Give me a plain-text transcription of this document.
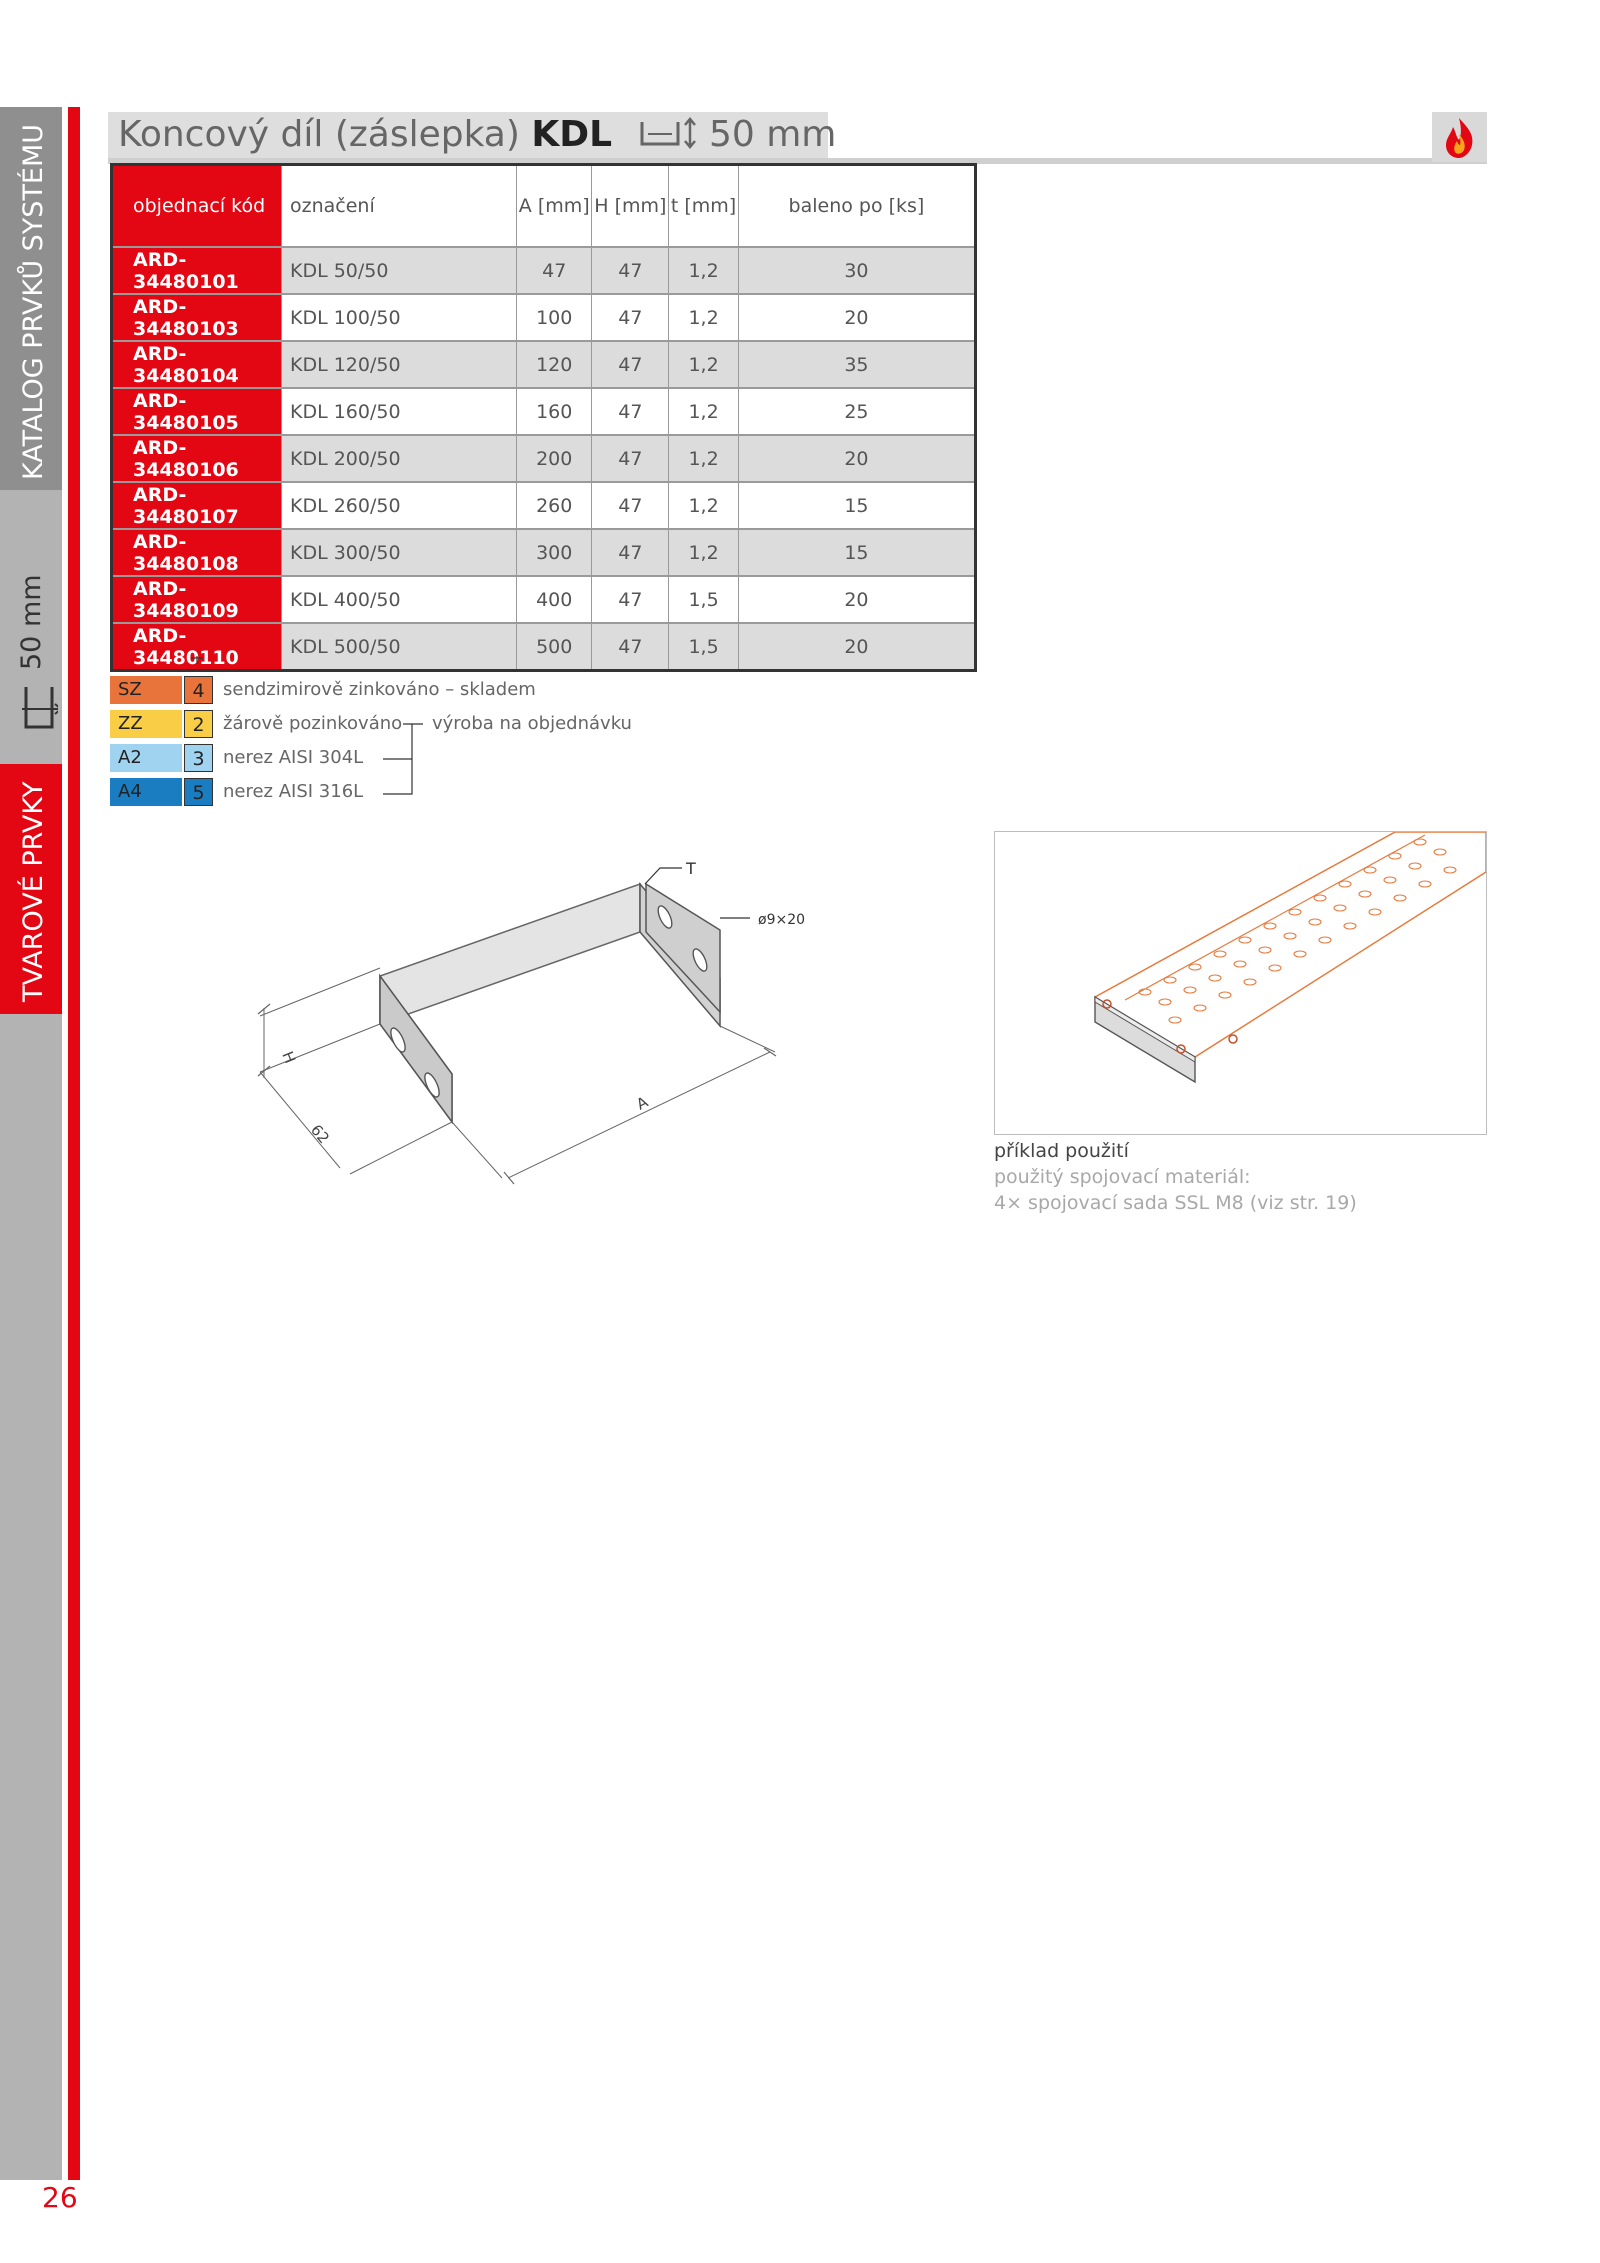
KATALOG PRVKŮ SYSTÉMU
50 mm
TVAROVÉ PRVKY
26
Koncový díl (záslepka) KDL	50 mm
objednací kód	označení	A [mm]	H [mm]	t [mm]	baleno po [ks]
ARD-34480101	KDL 50/50	47	47	1,2	30
ARD-34480103	KDL 100/50	100	47	1,2	20
ARD-34480104	KDL 120/50	120	47	1,2	35
ARD-34480105	KDL 160/50	160	47	1,2	25
ARD-34480106	KDL 200/50	200	47	1,2	20
ARD-34480107	KDL 260/50	260	47	1,2	15
ARD-34480108	KDL 300/50	300	47	1,2	15
ARD-34480109	KDL 400/50	400	47	1,5	20
ARD-34480110	KDL 500/50	500	47	1,5	20
SZ	4	sendzimirově zinkováno – skladem
ZZ	2	žárově pozinkováno
A2	3	nerez AISI 304L
A4	5	nerez AISI 316L
výroba na objednávku
T
ø9×20
H
62
A
příklad použití
použitý spojovací materiál:
4× spojovací sada SSL M8 (viz str. 19)
